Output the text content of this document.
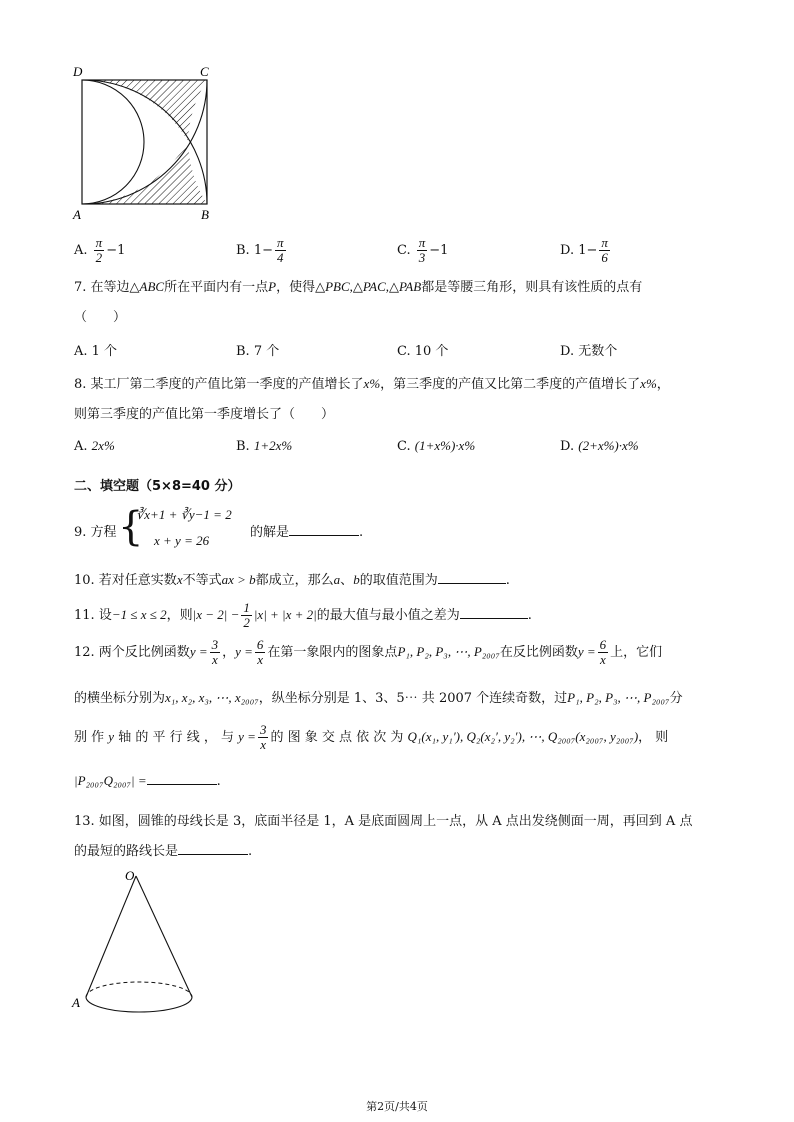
D	C
A	B
A. $\frac{\pi}{2} -1$	B. $1- \frac{\pi}{4}$	C. $\frac{\pi}{3} -1$	D. $1- \frac{\pi}{6}$
7. 在等边△ABC所在平面内有一点P，使得△PBC,△PAC,△PAB都是等腰三角形，则具有该性质的点有
（　　）
A. 1 个	B. 7 个	C. 10 个	D. 无数个
8. 某工厂第二季度的产值比第一季度的产值增长了x%，第三季度的产值又比第二季度的产值增长了x%，
则第三季度的产值比第一季度增长了（　　）
A. 2x%	B. 1+2x%	C. (1+x%)·x%	D. (2+x%)·x%
二、填空题（5×8=40 分）
9. 方程 {
∛x+1 + ∛y−1 = 2
x + y = 26
的解是	.
10. 若对任意实数x不等式ax > b都成立，那么a、b的取值范围为	.
11. 设−1 ≤ x ≤ 2，则$|x - 2| - \frac{1}{2} |x| + |x + 2|$的最大值与最小值之差为	.
12. 两个反比例函数$y = \frac{3}{x}$ ，$y = \frac{6}{x}$ 在第一象限内的图象点P₁, P₂, P₃, ⋯, P₂₀₀₇在反比例函数$y = \frac{6}{x}$ 上，它们
的横坐标分别为x₁, x₂, x₃, ⋯, x₂₀₀₇，纵坐标分别是 1、3、5⋯ 共 2007 个连续奇数，过P₁, P₂, P₃, ⋯, P₂₀₀₇分
别 作 y 轴 的 平 行 线 ， 与 $y = \frac{3}{x}$ 的 图 象 交 点 依 次 为 Q₁(x₁, y₁′), Q₂(x₂′, y₂′), ⋯, Q₂₀₀₇(x₂₀₀₇, y₂₀₀₇)， 则
|P₂₀₀₇Q₂₀₀₇| =	.
13. 如图，圆锥的母线长是 3，底面半径是 1，A 是底面圆周上一点，从 A 点出发绕侧面一周，再回到 A 点
的最短的路线长是	.
O
A
第2页/共4页
